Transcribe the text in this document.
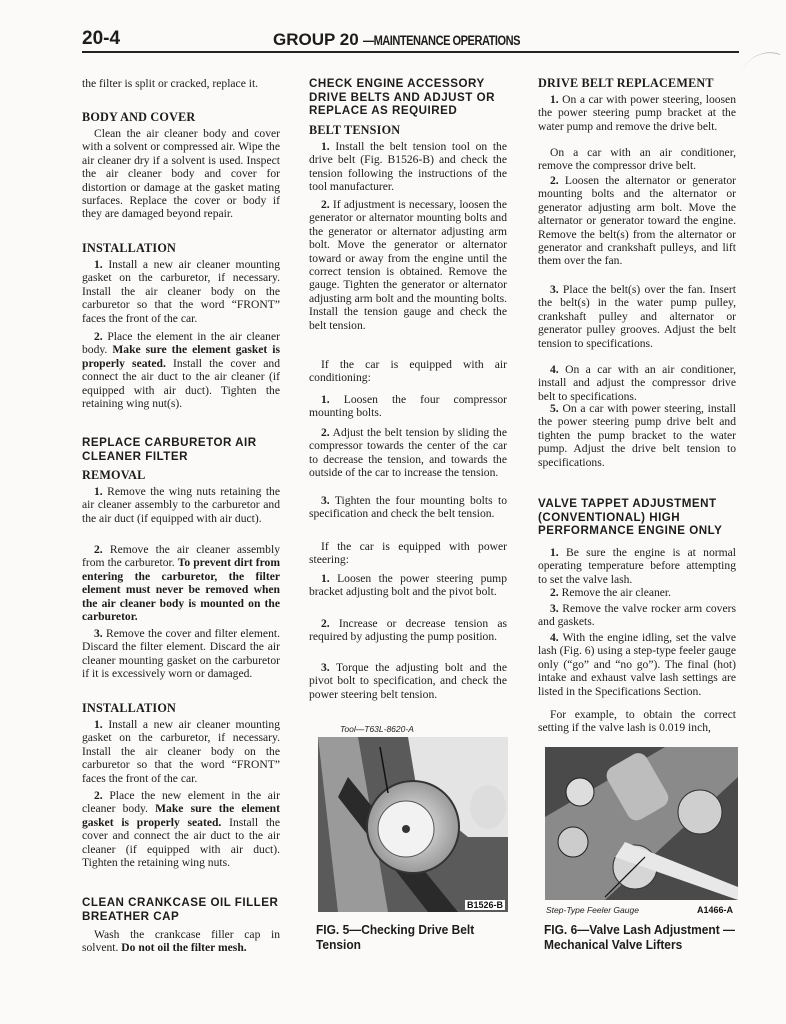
20-4	GROUP 20 —MAINTENANCE OPERATIONS
the filter is split or cracked, replace it.
BODY AND COVER
Clean the air cleaner body and cover with a solvent or compressed air. Wipe the air cleaner dry if a solvent is used. Inspect the air cleaner body and cover for distortion or damage at the gasket mating surfaces. Replace the cover or body if they are damaged beyond repair.
INSTALLATION
1. Install a new air cleaner mounting gasket on the carburetor, if necessary. Install the air cleaner body on the carburetor so that the word “FRONT” faces the front of the car.
2. Place the element in the air cleaner body. Make sure the element gasket is properly seated. Install the cover and connect the air duct to the air cleaner (if equipped with air duct). Tighten the retaining wing nut(s).
REPLACE CARBURETOR AIR CLEANER FILTER
REMOVAL
1. Remove the wing nuts retaining the air cleaner assembly to the carburetor and the air duct (if equipped with air duct).
2. Remove the air cleaner assembly from the carburetor. To prevent dirt from entering the carburetor, the filter element must never be removed when the air cleaner body is mounted on the carburetor.
3. Remove the cover and filter element. Discard the filter element. Discard the air cleaner mounting gasket on the carburetor if it is excessively worn or damaged.
INSTALLATION
1. Install a new air cleaner mounting gasket on the carburetor, if necessary. Install the air cleaner body on the carburetor so that the word “FRONT” faces the front of the car.
2. Place the new element in the air cleaner body. Make sure the element gasket is properly seated. Install the cover and connect the air duct to the air cleaner (if equipped with air duct). Tighten the retaining wing nuts.
CLEAN CRANKCASE OIL FILLER BREATHER CAP
Wash the crankcase filler cap in solvent. Do not oil the filter mesh.
CHECK ENGINE ACCESSORY DRIVE BELTS AND ADJUST OR REPLACE AS REQUIRED
BELT TENSION
1. Install the belt tension tool on the drive belt (Fig. B1526-B) and check the tension following the instructions of the tool manufacturer.
2. If adjustment is necessary, loosen the generator or alternator mounting bolts and the generator or alternator adjusting arm bolt. Move the generator or alternator toward or away from the engine until the correct tension is obtained. Remove the gauge. Tighten the generator or alternator adjusting arm bolt and the mounting bolts. Install the tension gauge and check the belt tension.
If the car is equipped with air conditioning:
1. Loosen the four compressor mounting bolts.
2. Adjust the belt tension by sliding the compressor towards the center of the car to decrease the tension, and towards the outside of the car to increase the tension.
3. Tighten the four mounting bolts to specification and check the belt tension.
If the car is equipped with power steering:
1. Loosen the power steering pump bracket adjusting bolt and the pivot bolt.
2. Increase or decrease tension as required by adjusting the pump position.
3. Torque the adjusting bolt and the pivot bolt to specification, and check the power steering belt tension.
DRIVE BELT REPLACEMENT
1. On a car with power steering, loosen the power steering pump bracket at the water pump and remove the drive belt.
On a car with an air conditioner, remove the compressor drive belt.
2. Loosen the alternator or generator mounting bolts and the alternator or generator adjusting arm bolt. Move the alternator or generator toward the engine. Remove the belt(s) from the alternator or generator and crankshaft pulleys, and lift them over the fan.
3. Place the belt(s) over the fan. Insert the belt(s) in the water pump pulley, crankshaft pulley and alternator or generator pulley grooves. Adjust the belt tension to specifications.
4. On a car with an air conditioner, install and adjust the compressor drive belt to specifications.
5. On a car with power steering, install the power steering pump drive belt and tighten the pump bracket to the water pump. Adjust the drive belt tension to specifications.
VALVE TAPPET ADJUSTMENT (CONVENTIONAL) HIGH PERFORMANCE ENGINE ONLY
1. Be sure the engine is at normal operating temperature before attempting to set the valve lash.
2. Remove the air cleaner.
3. Remove the valve rocker arm covers and gaskets.
4. With the engine idling, set the valve lash (Fig. 6) using a step-type feeler gauge only (“go” and “no go”). The final (hot) intake and exhaust valve lash settings are listed in the Specifications Section.
For example, to obtain the correct setting if the valve lash is 0.019 inch,
Tool—T63L-8620-A
B1526-B
FIG. 5—Checking Drive Belt Tension
Step-Type Feeler Gauge	A1466-A
FIG. 6—Valve Lash Adjustment —Mechanical Valve Lifters
